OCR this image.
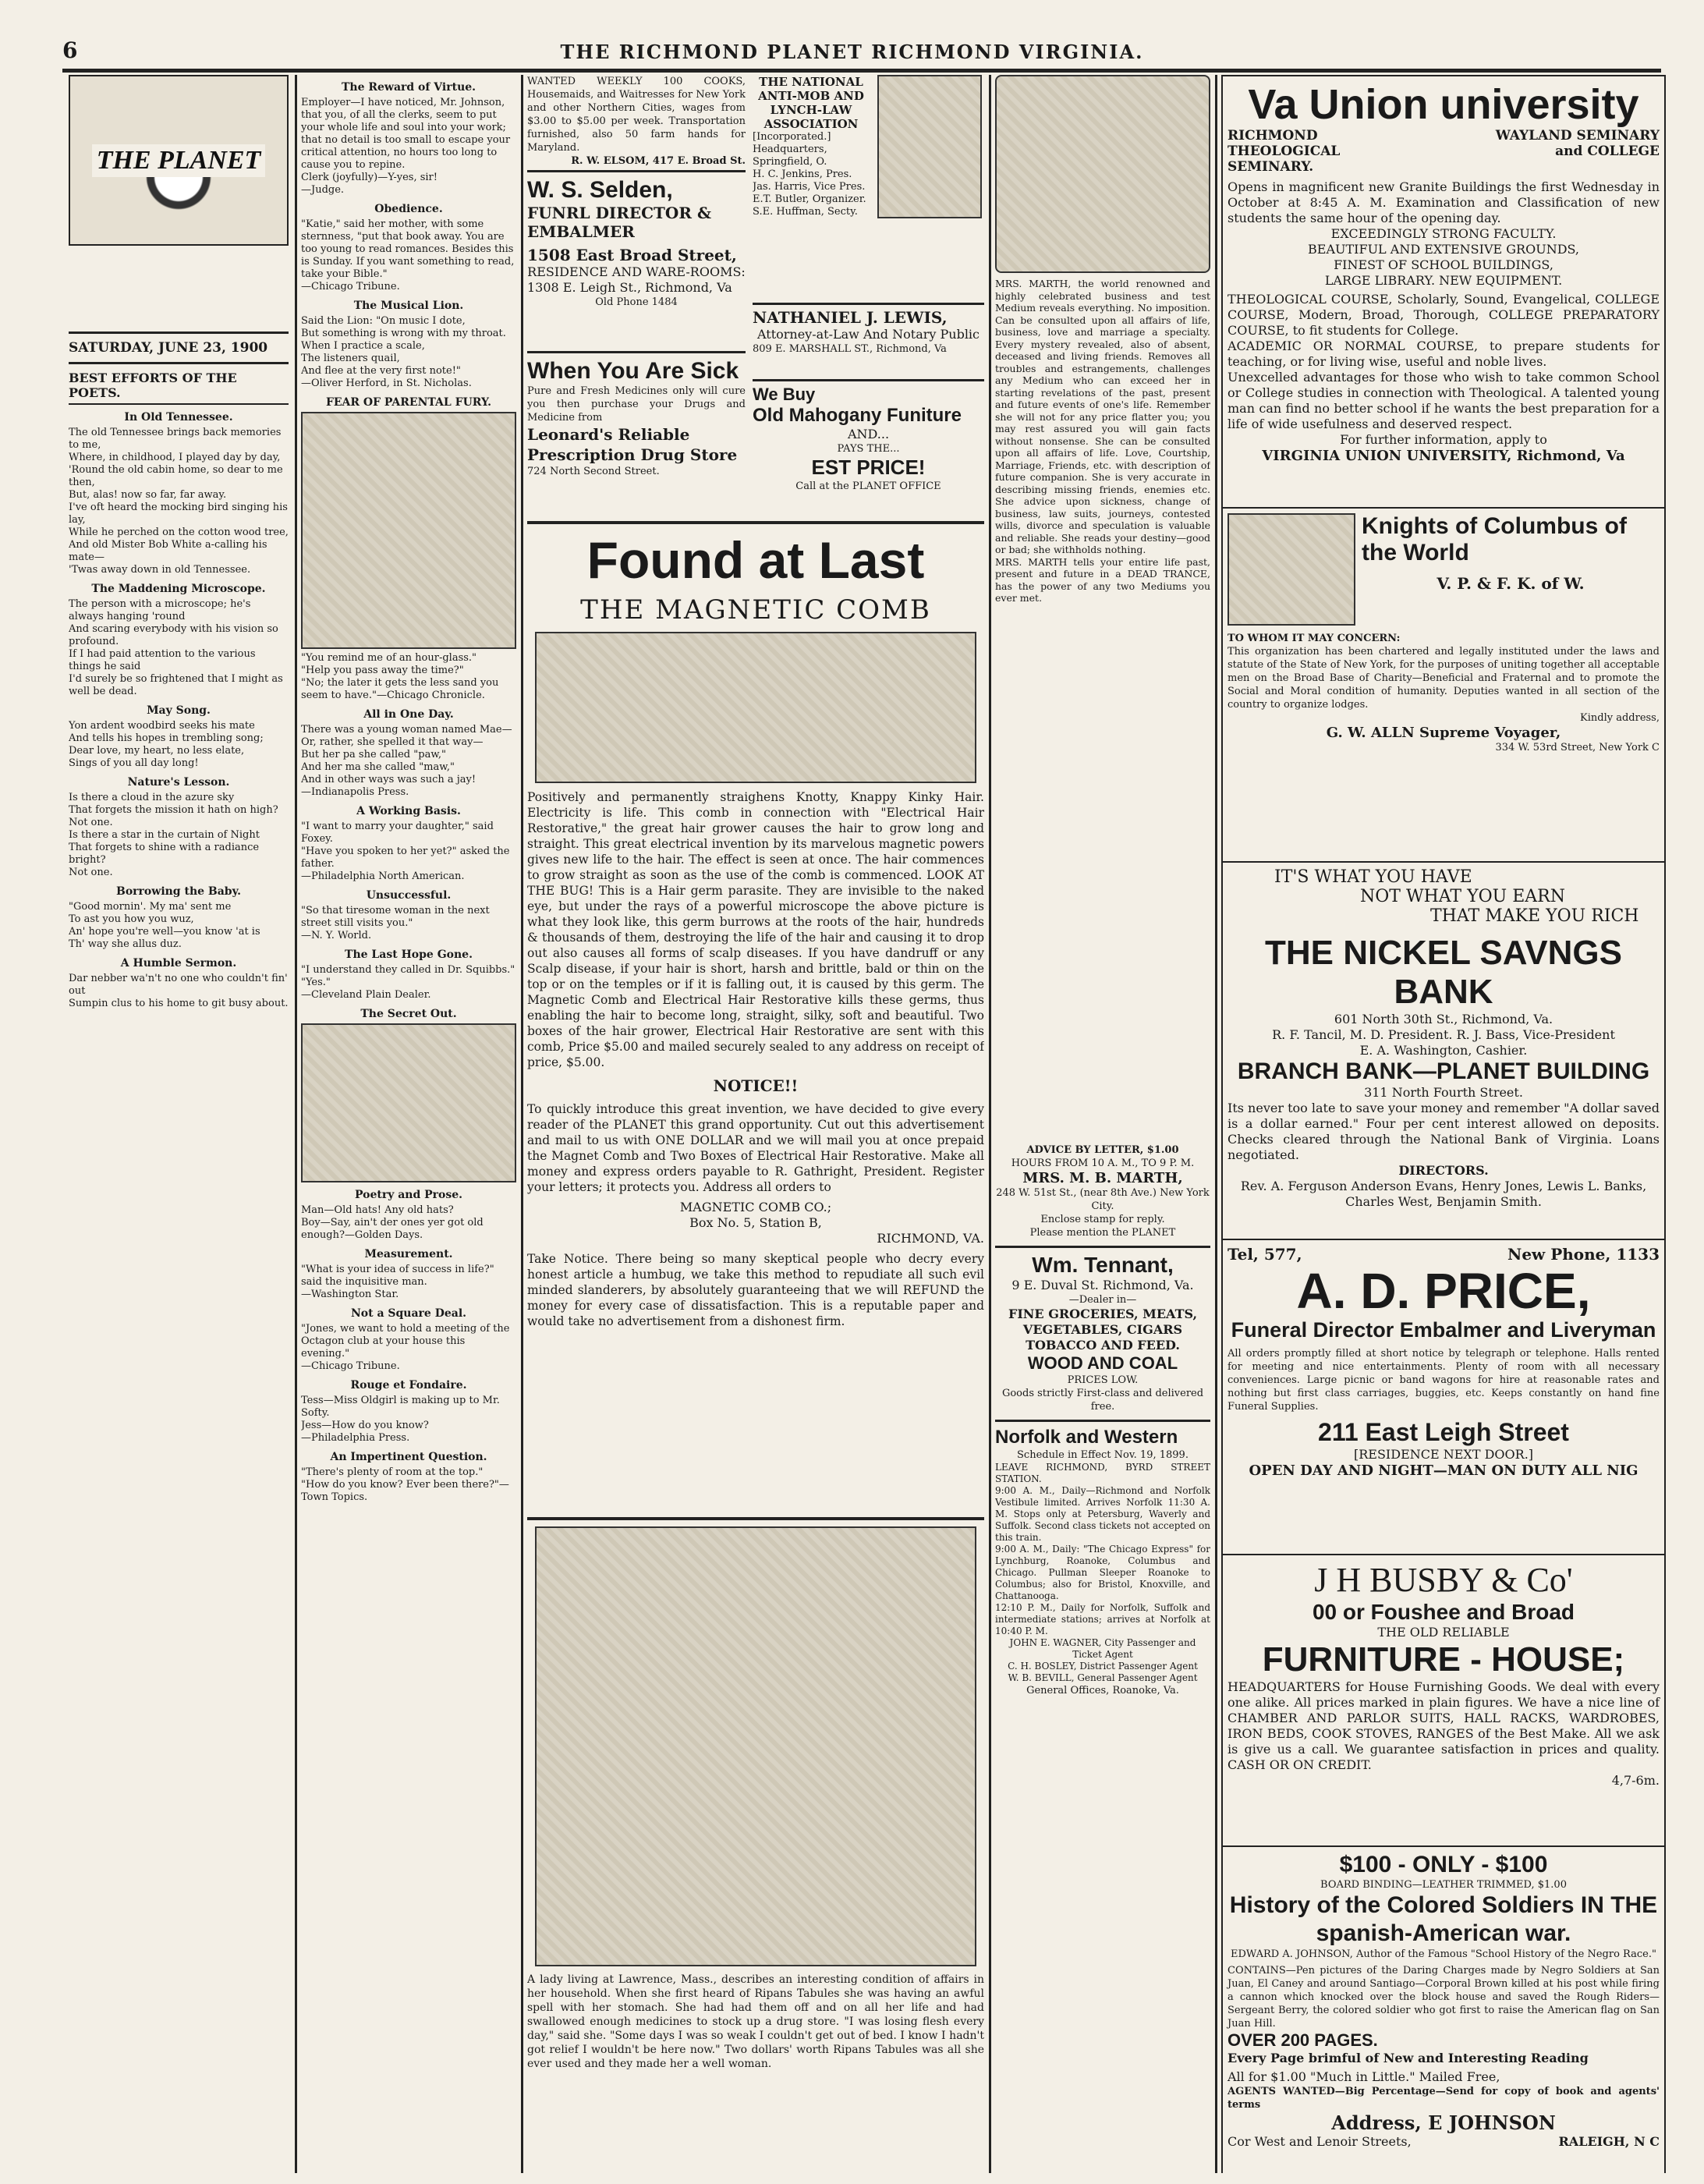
6	THE RICHMOND PLANET RICHMOND VIRGINIA.
THE PLANET
SATURDAY, JUNE 23, 1900
BEST EFFORTS OF THE POETS.
In Old Tennessee.
The old Tennessee brings back memories to me,
Where, in childhood, I played day by day,
'Round the old cabin home, so dear to me then,
But, alas! now so far, far away.
I've oft heard the mocking bird singing his lay,
While he perched on the cotton wood tree,
And old Mister Bob White a-calling his mate—
'Twas away down in old Tennessee.
The Maddening Microscope.
The person with a microscope; he's always hanging 'round
And scaring everybody with his vision so profound.
If I had paid attention to the various things he said
I'd surely be so frightened that I might as well be dead.
May Song.
Yon ardent woodbird seeks his mate
And tells his hopes in trembling song;
Dear love, my heart, no less elate,
Sings of you all day long!
Nature's Lesson.
Is there a cloud in the azure sky
That forgets the mission it hath on high?
Not one.
Is there a star in the curtain of Night
That forgets to shine with a radiance bright?
Not one.
Borrowing the Baby.
"Good mornin'. My ma' sent me
To ast you how you wuz,
An' hope you're well—you know 'at is
Th' way she allus duz.
A Humble Sermon.
Dar nebber wa'n't no one who couldn't fin' out
Sumpin clus to his home to git busy about.
The Reward of Virtue.
Employer—I have noticed, Mr. Johnson, that you, of all the clerks, seem to put your whole life and soul into your work; that no detail is too small to escape your critical attention, no hours too long to cause you to repine.
Clerk (joyfully)—Y-yes, sir!
—Judge.
Obedience.
"Katie," said her mother, with some sternness, "put that book away. You are too young to read romances. Besides this is Sunday. If you want something to read, take your Bible."
—Chicago Tribune.
The Musical Lion.
Said the Lion: "On music I dote,
But something is wrong with my throat.
When I practice a scale,
The listeners quail,
And flee at the very first note!"
—Oliver Herford, in St. Nicholas.
FEAR OF PARENTAL FURY.
"You remind me of an hour-glass."
"Help you pass away the time?"
"No; the later it gets the less sand you seem to have."—Chicago Chronicle.
All in One Day.
There was a young woman named Mae—
Or, rather, she spelled it that way—
But her pa she called "paw,"
And her ma she called "maw,"
And in other ways was such a jay!
—Indianapolis Press.
A Working Basis.
"I want to marry your daughter," said Foxey.
"Have you spoken to her yet?" asked the father.
—Philadelphia North American.
Unsuccessful.
"So that tiresome woman in the next street still visits you."
—N. Y. World.
The Last Hope Gone.
"I understand they called in Dr. Squibbs."
"Yes."
—Cleveland Plain Dealer.
The Secret Out.
Poetry and Prose.
Man—Old hats! Any old hats?
Boy—Say, ain't der ones yer got old enough?—Golden Days.
Measurement.
"What is your idea of success in life?" said the inquisitive man.
—Washington Star.
Not a Square Deal.
"Jones, we want to hold a meeting of the Octagon club at your house this evening."
—Chicago Tribune.
Rouge et Fondaire.
Tess—Miss Oldgirl is making up to Mr. Softy.
Jess—How do you know?
—Philadelphia Press.
An Impertinent Question.
"There's plenty of room at the top."
"How do you know? Ever been there?"—Town Topics.
WANTED WEEKLY 100 COOKS, Housemaids, and Waitresses for New York and other Northern Cities, wages from $3.00 to $5.00 per week. Transportation furnished, also 50 farm hands for Maryland.
R. W. ELSOM, 417 E. Broad St.
W. S. Selden,
FUNRL DIRECTOR & EMBALMER
1508 East Broad Street,
RESIDENCE AND WARE-ROOMS:
1308 E. Leigh St., Richmond, Va
Old Phone 1484
When You Are Sick
Pure and Fresh Medicines only will cure you then purchase your Drugs and Medicine from
Leonard's Reliable Prescription Drug Store
724 North Second Street.
THE NATIONAL ANTI-MOB AND LYNCH-LAW ASSOCIATION
[Incorporated.] Headquarters, Springfield, O.
H. C. Jenkins, Pres.
Jas. Harris, Vice Pres.
E.T. Butler, Organizer.
S.E. Huffman, Secty.
NATHANIEL J. LEWIS,
Attorney-at-Law And Notary Public
809 E. MARSHALL ST., Richmond, Va
We Buy
Old Mahogany Funiture
AND...
PAYS THE...
EST PRICE!
Call at the PLANET OFFICE
Found at Last
THE MAGNETIC COMB
Positively and permanently straighens Knotty, Knappy Kinky Hair. Electricity is life. This comb in connection with "Electrical Hair Restorative," the great hair grower causes the hair to grow long and straight. This great electrical invention by its marvelous magnetic powers gives new life to the hair. The effect is seen at once. The hair commences to grow straight as soon as the use of the comb is commenced. LOOK AT THE BUG! This is a Hair germ parasite. They are invisible to the naked eye, but under the rays of a powerful microscope the above picture is what they look like, this germ burrows at the roots of the hair, hundreds & thousands of them, destroying the life of the hair and causing it to drop out also causes all forms of scalp diseases. If you have dandruff or any Scalp disease, if your hair is short, harsh and brittle, bald or thin on the top or on the temples or if it is falling out, it is caused by this germ. The Magnetic Comb and Electrical Hair Restorative kills these germs, thus enabling the hair to become long, straight, silky, soft and beautiful. Two boxes of the hair grower, Electrical Hair Restorative are sent with this comb, Price $5.00 and mailed securely sealed to any address on receipt of price, $5.00.
NOTICE!!
To quickly introduce this great invention, we have decided to give every reader of the PLANET this grand opportunity. Cut out this advertisement and mail to us with ONE DOLLAR and we will mail you at once prepaid the Magnet Comb and Two Boxes of Electrical Hair Restorative. Make all money and express orders payable to R. Gathright, President. Register your letters; it protects you. Address all orders to
MAGNETIC COMB CO.;
Box No. 5, Station B,
RICHMOND, VA.
Take Notice. There being so many skeptical people who decry every honest article a humbug, we take this method to repudiate all such evil minded slanderers, by absolutely guaranteeing that we will REFUND the money for every case of dissatisfaction. This is a reputable paper and would take no advertisement from a dishonest firm.
A lady living at Lawrence, Mass., describes an interesting condition of affairs in her household. When she first heard of Ripans Tabules she was having an awful spell with her stomach. She had had them off and on all her life and had swallowed enough medicines to stock up a drug store. "I was losing flesh every day," said she. "Some days I was so weak I couldn't get out of bed. I know I hadn't got relief I wouldn't be here now." Two dollars' worth Ripans Tabules was all she ever used and they made her a well woman.
MRS. MARTH, the world renowned and highly celebrated business and test Medium reveals everything. No imposition. Can be consulted upon all affairs of life, business, love and marriage a specialty. Every mystery revealed, also of absent, deceased and living friends. Removes all troubles and estrangements, challenges any Medium who can exceed her in starting revelations of the past, present and future events of one's life. Remember she will not for any price flatter you; you may rest assured you will gain facts without nonsense. She can be consulted upon all affairs of life. Love, Courtship, Marriage, Friends, etc. with description of future companion. She is very accurate in describing missing friends, enemies etc. She advice upon sickness, change of business, law suits, journeys, contested wills, divorce and speculation is valuable and reliable. She reads your destiny—good or bad; she withholds nothing.
MRS. MARTH tells your entire life past, present and future in a DEAD TRANCE, has the power of any two Mediums you ever met.
ADVICE BY LETTER, $1.00
HOURS FROM 10 A. M., TO 9 P. M.
MRS. M. B. MARTH,
248 W. 51st St., (near 8th Ave.) New York City.
Enclose stamp for reply.
Please mention the PLANET
Wm. Tennant,
9 E. Duval St. Richmond, Va.
—Dealer in—
FINE GROCERIES, MEATS, VEGETABLES, CIGARS TOBACCO AND FEED.
WOOD AND COAL
PRICES LOW.
Goods strictly First-class and delivered free.
Norfolk and Western
Schedule in Effect Nov. 19, 1899.
LEAVE RICHMOND, BYRD STREET STATION.
9:00 A. M., Daily—Richmond and Norfolk Vestibule limited. Arrives Norfolk 11:30 A. M. Stops only at Petersburg, Waverly and Suffolk. Second class tickets not accepted on this train.
9:00 A. M., Daily: "The Chicago Express" for Lynchburg, Roanoke, Columbus and Chicago. Pullman Sleeper Roanoke to Columbus; also for Bristol, Knoxville, and Chattanooga.
12:10 P. M., Daily for Norfolk, Suffolk and intermediate stations; arrives at Norfolk at 10:40 P. M.
JOHN E. WAGNER, City Passenger and Ticket Agent
C. H. BOSLEY, District Passenger Agent
W. B. BEVILL, General Passenger Agent
General Offices, Roanoke, Va.
Va Union university
RICHMOND THEOLOGICAL SEMINARY.
WAYLAND SEMINARY and COLLEGE
Opens in magnificent new Granite Buildings the first Wednesday in October at 8:45 A. M. Examination and Classification of new students the same hour of the opening day.
EXCEEDINGLY STRONG FACULTY.
BEAUTIFUL AND EXTENSIVE GROUNDS,
FINEST OF SCHOOL BUILDINGS,
LARGE LIBRARY. NEW EQUIPMENT.
THEOLOGICAL COURSE, Scholarly, Sound, Evangelical, COLLEGE COURSE, Modern, Broad, Thorough, COLLEGE PREPARATORY COURSE, to fit students for College.
ACADEMIC OR NORMAL COURSE, to prepare students for teaching, or for living wise, useful and noble lives.
Unexcelled advantages for those who wish to take common School or College studies in connection with Theological. A talented young man can find no better school if he wants the best preparation for a life of wide usefulness and deserved respect.
For further information, apply to
VIRGINIA UNION UNIVERSITY, Richmond, Va
Knights of Columbus of the World
V. P. & F. K. of W.
TO WHOM IT MAY CONCERN:
This organization has been chartered and legally instituted under the laws and statute of the State of New York, for the purposes of uniting together all acceptable men on the Broad Base of Charity—Beneficial and Fraternal and to promote the Social and Moral condition of humanity. Deputies wanted in all section of the country to organize lodges.
Kindly address,
G. W. ALLN Supreme Voyager,
334 W. 53rd Street, New York C
IT'S WHAT YOU HAVE
NOT WHAT YOU EARN
THAT MAKE YOU RICH
THE NICKEL SAVNGS BANK
601 North 30th St., Richmond, Va.
R. F. Tancil, M. D. President. R. J. Bass, Vice-President
E. A. Washington, Cashier.
BRANCH BANK—PLANET BUILDING
311 North Fourth Street.
Its never too late to save your money and remember "A dollar saved is a dollar earned." Four per cent interest allowed on deposits. Checks cleared through the National Bank of Virginia. Loans negotiated.
DIRECTORS.
Rev. A. Ferguson Anderson Evans, Henry Jones, Lewis L. Banks, Charles West, Benjamin Smith.
Tel, 577,	New Phone, 1133
A. D. PRICE,
Funeral Director Embalmer and Liveryman
All orders promptly filled at short notice by telegraph or telephone. Halls rented for meeting and nice entertainments. Plenty of room with all necessary conveniences. Large picnic or band wagons for hire at reasonable rates and nothing but first class carriages, buggies, etc. Keeps constantly on hand fine Funeral Supplies.
211 East Leigh Street
[RESIDENCE NEXT DOOR.]
OPEN DAY AND NIGHT—MAN ON DUTY ALL NIG
J H BUSBY & Co'
00 or Foushee and Broad
THE OLD RELIABLE
FURNITURE - HOUSE;
HEADQUARTERS for House Furnishing Goods. We deal with every one alike. All prices marked in plain figures. We have a nice line of CHAMBER AND PARLOR SUITS, HALL RACKS, WARDROBES, IRON BEDS, COOK STOVES, RANGES of the Best Make. All we ask is give us a call. We guarantee satisfaction in prices and quality. CASH OR ON CREDIT.
4,7-6m.
$100 - ONLY - $100
BOARD BINDING—LEATHER TRIMMED, $1.00
History of the Colored Soldiers IN THE spanish-American war.
EDWARD A. JOHNSON, Author of the Famous "School History of the Negro Race."
CONTAINS—Pen pictures of the Daring Charges made by Negro Soldiers at San Juan, El Caney and around Santiago—Corporal Brown killed at his post while firing a cannon which knocked over the block house and saved the Rough Riders—Sergeant Berry, the colored soldier who got first to raise the American flag on San Juan Hill.
OVER 200 PAGES.
Every Page brimful of New and Interesting Reading
All for $1.00 "Much in Little." Mailed Free,
AGENTS WANTED—Big Percentage—Send for copy of book and agents' terms
Address, E JOHNSON
Cor West and Lenoir Streets,	RALEIGH, N C
